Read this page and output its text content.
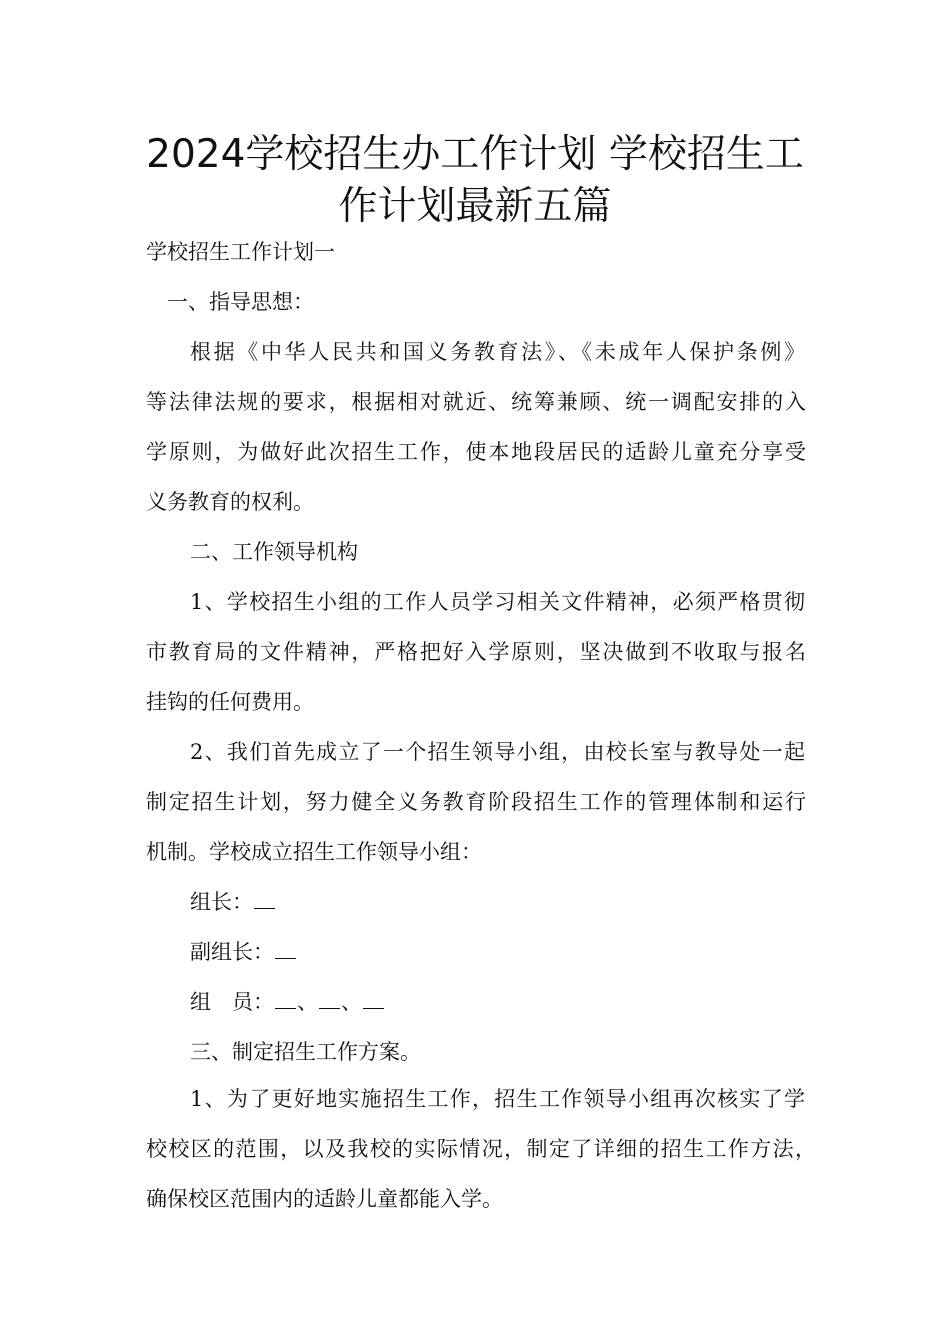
2024学校招生办工作计划 学校招生工
作计划最新五篇

学校招生工作计划一

一、指导思想：

根据《中华人民共和国义务教育法》、《未成年人保护条例》

等法律法规的要求，根据相对就近、统筹兼顾、统一调配安排的入

学原则，为做好此次招生工作，使本地段居民的适龄儿童充分享受

义务教育的权利。

二、工作领导机构

1、学校招生小组的工作人员学习相关文件精神，必须严格贯彻

市教育局的文件精神，严格把好入学原则，坚决做到不收取与报名

挂钩的任何费用。

2、我们首先成立了一个招生领导小组，由校长室与教导处一起

制定招生计划，努力健全义务教育阶段招生工作的管理体制和运行

机制。学校成立招生工作领导小组：

组长：

副组长：

组　员： 、 、

三、制定招生工作方案。

1、为了更好地实施招生工作，招生工作领导小组再次核实了学

校校区的范围，以及我校的实际情况，制定了详细的招生工作方法，

确保校区范围内的适龄儿童都能入学。
